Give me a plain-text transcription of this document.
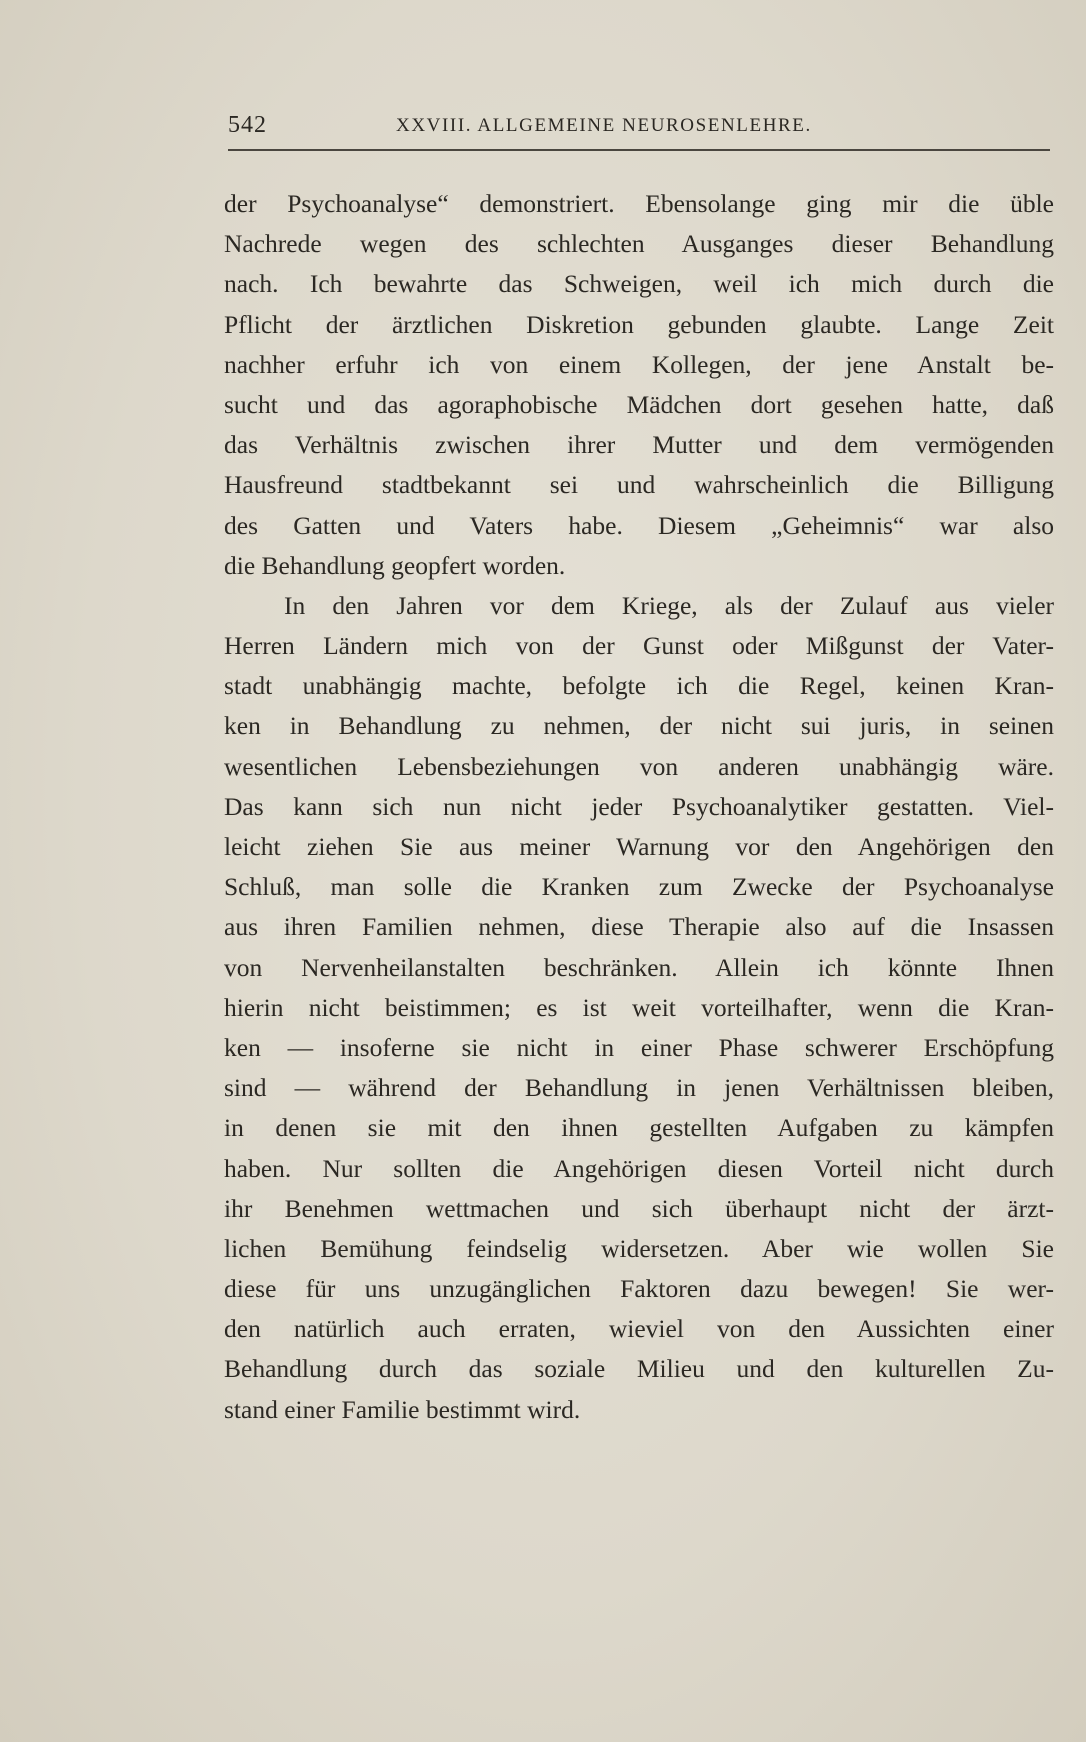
542	XXVIII. ALLGEMEINE NEUROSENLEHRE.
der Psychoanalyse“ demonstriert. Ebensolange ging mir die üble
Nachrede wegen des schlechten Ausganges dieser Behandlung
nach. Ich bewahrte das Schweigen, weil ich mich durch die
Pflicht der ärztlichen Diskretion gebunden glaubte. Lange Zeit
nachher erfuhr ich von einem Kollegen, der jene Anstalt be-
sucht und das agoraphobische Mädchen dort gesehen hatte, daß
das Verhältnis zwischen ihrer Mutter und dem vermögenden
Hausfreund stadtbekannt sei und wahrscheinlich die Billigung
des Gatten und Vaters habe. Diesem „Geheimnis“ war also
die Behandlung geopfert worden.
In den Jahren vor dem Kriege, als der Zulauf aus vieler
Herren Ländern mich von der Gunst oder Mißgunst der Vater-
stadt unabhängig machte, befolgte ich die Regel, keinen Kran-
ken in Behandlung zu nehmen, der nicht sui juris, in seinen
wesentlichen Lebensbeziehungen von anderen unabhängig wäre.
Das kann sich nun nicht jeder Psychoanalytiker gestatten. Viel-
leicht ziehen Sie aus meiner Warnung vor den Angehörigen den
Schluß, man solle die Kranken zum Zwecke der Psychoanalyse
aus ihren Familien nehmen, diese Therapie also auf die Insassen
von Nervenheilanstalten beschränken. Allein ich könnte Ihnen
hierin nicht beistimmen; es ist weit vorteilhafter, wenn die Kran-
ken — insoferne sie nicht in einer Phase schwerer Erschöpfung
sind — während der Behandlung in jenen Verhältnissen bleiben,
in denen sie mit den ihnen gestellten Aufgaben zu kämpfen
haben. Nur sollten die Angehörigen diesen Vorteil nicht durch
ihr Benehmen wettmachen und sich überhaupt nicht der ärzt-
lichen Bemühung feindselig widersetzen. Aber wie wollen Sie
diese für uns unzugänglichen Faktoren dazu bewegen! Sie wer-
den natürlich auch erraten, wieviel von den Aussichten einer
Behandlung durch das soziale Milieu und den kulturellen Zu-
stand einer Familie bestimmt wird.
